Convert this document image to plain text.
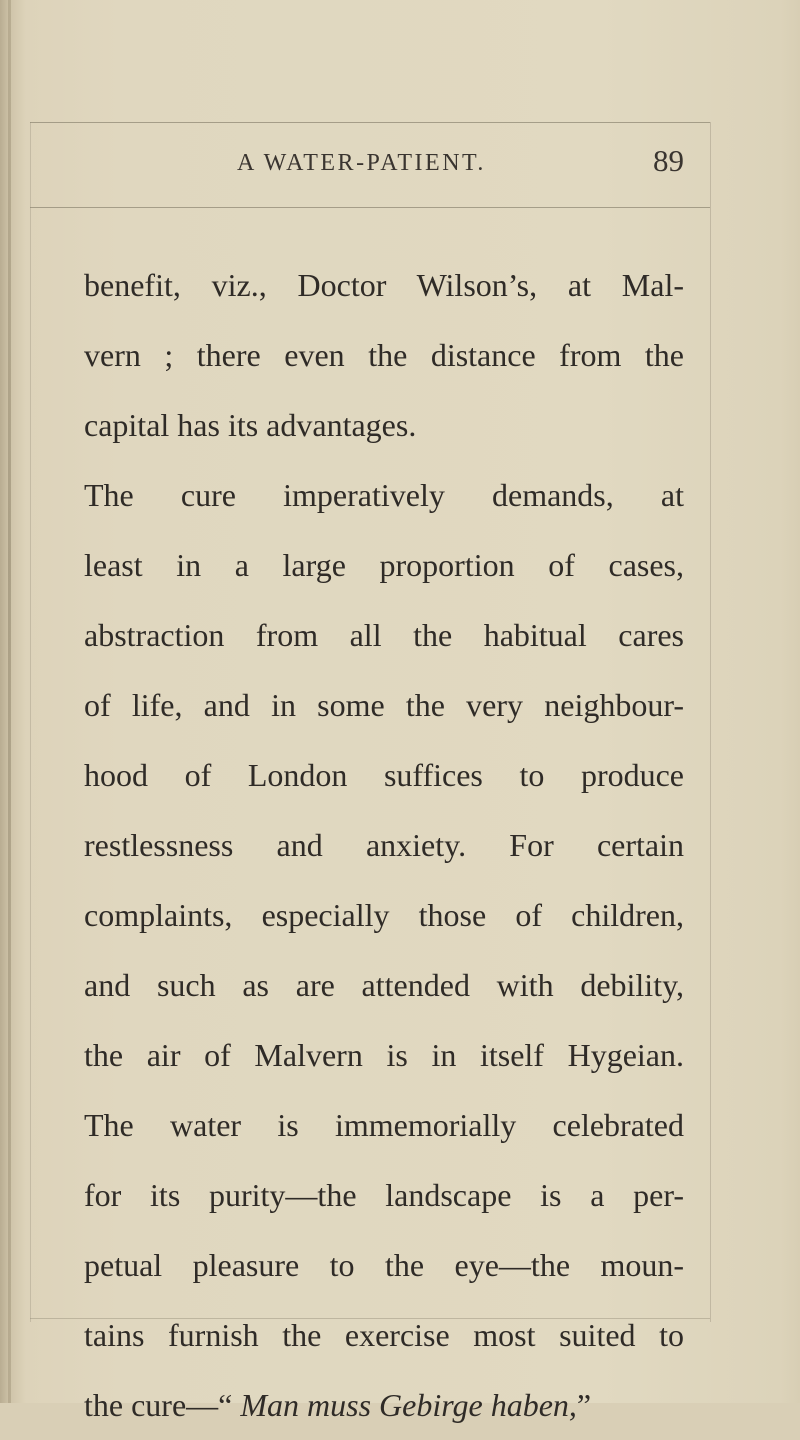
A WATER-PATIENT.	89
benefit, viz., Doctor Wilson’s, at Mal-
vern ; there even the distance from the
capital has its advantages.
The cure imperatively demands, at
least in a large proportion of cases,
abstraction from all the habitual cares
of life, and in some the very neighbour-
hood of London suffices to produce
restlessness and anxiety. For certain
complaints, especially those of children,
and such as are attended with debility,
the air of Malvern is in itself Hygeian.
The water is immemorially celebrated
for its purity—the landscape is a per-
petual pleasure to the eye—the moun-
tains furnish the exercise most suited to
the cure—“ Man muss Gebirge haben,”
